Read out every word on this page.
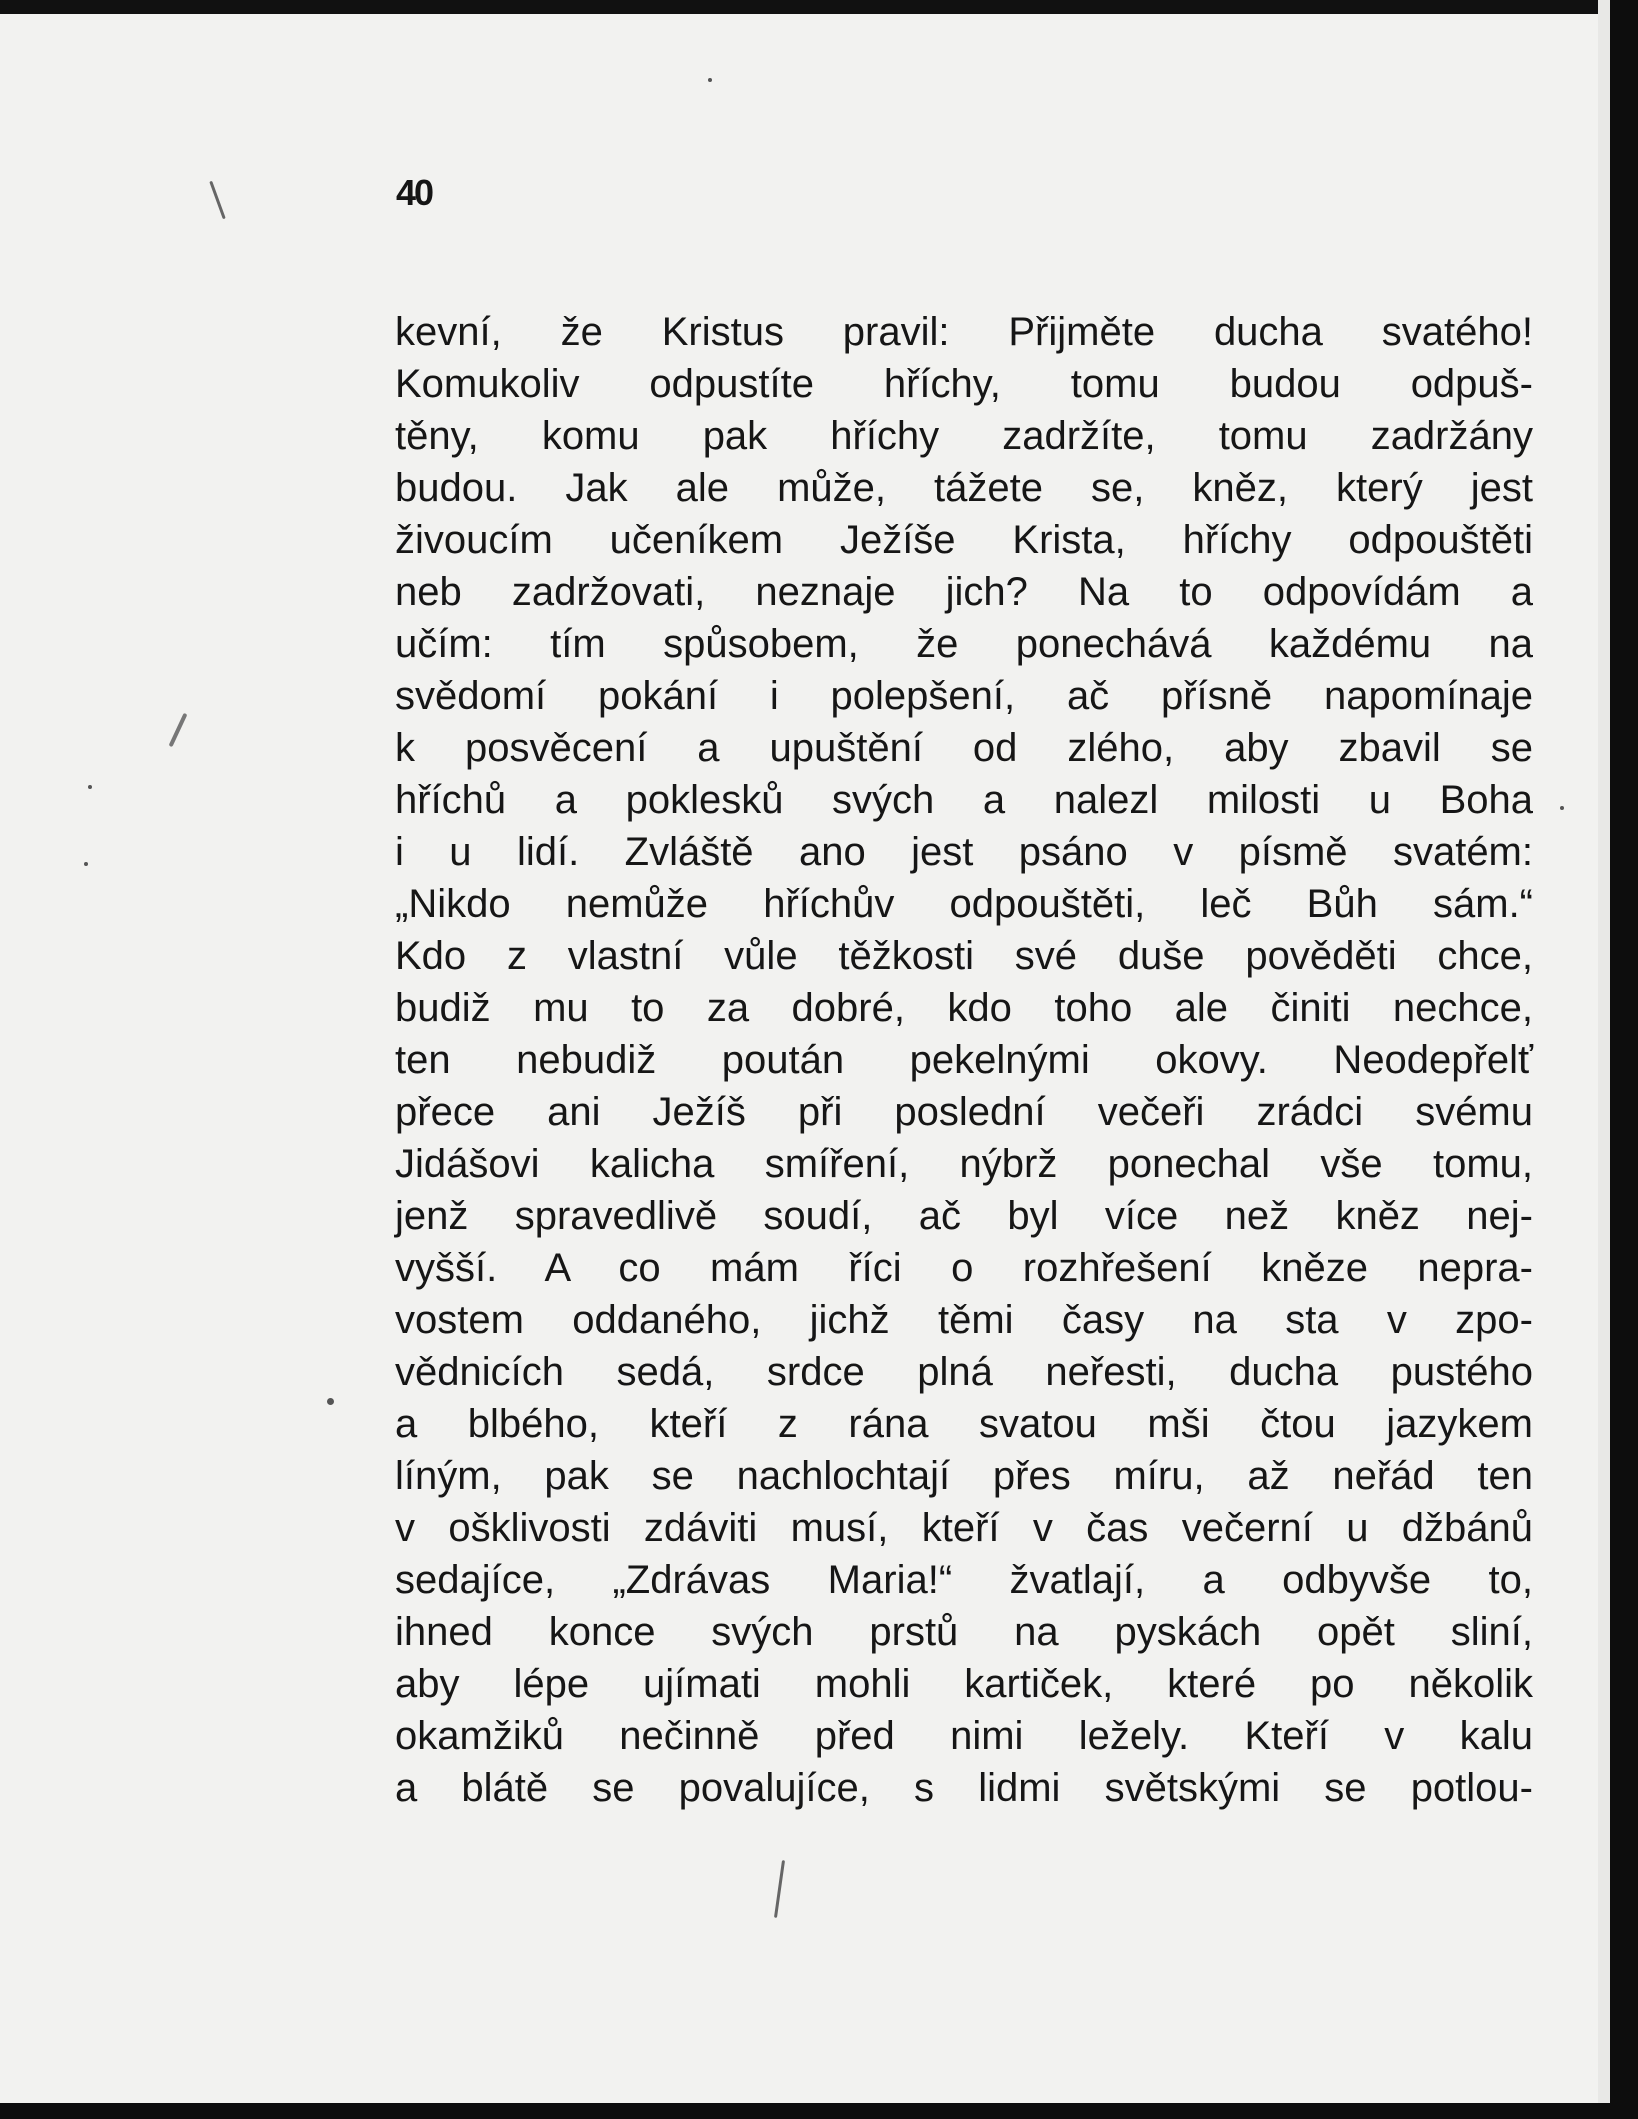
40
kevní, že Kristus pravil: Přijměte ducha svatého!
Komukoliv odpustíte hříchy, tomu budou odpuš-
těny, komu pak hříchy zadržíte, tomu zadržány
budou. Jak ale může, tážete se, kněz, který jest
živoucím učeníkem Ježíše Krista, hříchy odpouštěti
neb zadržovati, neznaje jich? Na to odpovídám a
učím: tím spůsobem, že ponechává každému na
svědomí pokání i polepšení, ač přísně napomínaje
k posvěcení a upuštění od zlého, aby zbavil se
hříchů a poklesků svých a nalezl milosti u Boha
i u lidí. Zvláště ano jest psáno v písmě svatém:
„Nikdo nemůže hříchův odpouštěti, leč Bůh sám.“
Kdo z vlastní vůle těžkosti své duše pověděti chce,
budiž mu to za dobré, kdo toho ale činiti nechce,
ten nebudiž poután pekelnými okovy. Neodepřelť
přece ani Ježíš při poslední večeři zrádci svému
Jidášovi kalicha smíření, nýbrž ponechal vše tomu,
jenž spravedlivě soudí, ač byl více než kněz nej-
vyšší. A co mám říci o rozhřešení kněze nepra-
vostem oddaného, jichž těmi časy na sta v zpo-
vědnicích sedá, srdce plná neřesti, ducha pustého
a blbého, kteří z rána svatou mši čtou jazykem
líným, pak se nachlochtají přes míru, až neřád ten
v ošklivosti zdáviti musí, kteří v čas večerní u džbánů
sedajíce, „Zdrávas Maria!“ žvatlají, a odbyvše to,
ihned konce svých prstů na pyskách opět sliní,
aby lépe ujímati mohli kartiček, které po několik
okamžiků nečinně před nimi ležely. Kteří v kalu
a blátě se povalujíce, s lidmi světskými se potlou-
